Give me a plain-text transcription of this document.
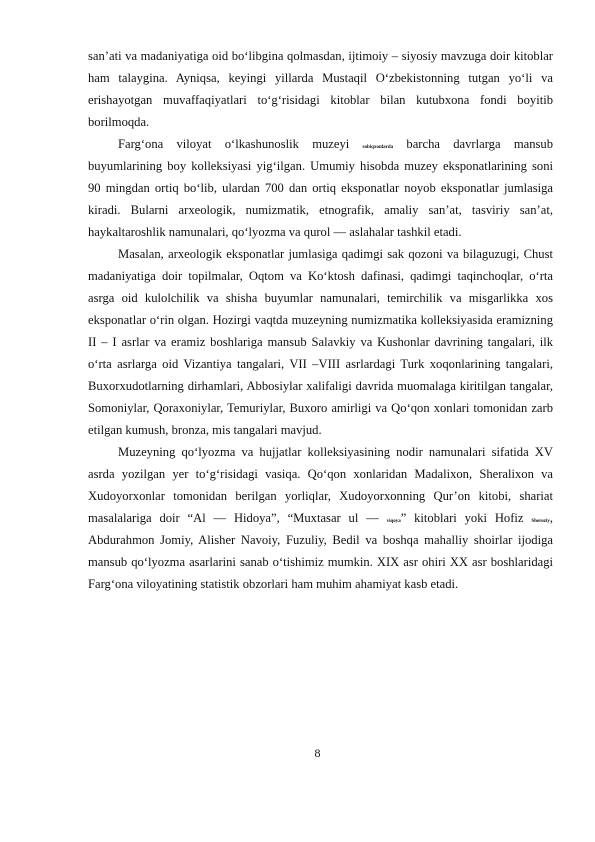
san’ati va madaniyatiga oid bo‘libgina qolmasdan, ijtimoiy – siyosiy mavzuga doir kitoblar ham talaygina. Ayniqsa, keyingi yillarda Mustaqil O‘zbekistonning tutgan yo‘li va erishayotgan muvaffaqiyatlari to‘g‘risidagi kitoblar bilan kutubxona fondi boyitib borilmoqda.

Farg‘ona viloyat o‘lkashunoslik muzeyi sobiqxonlarda barcha davrlarga mansub buyumlarining boy kolleksiyasi yig‘ilgan. Umumiy hisobda muzey eksponatlarining soni 90 mingdan ortiq bo‘lib, ulardan 700 dan ortiq eksponatlar noyob eksponatlar jumlasiga kiradi. Bularni arxeologik, numizmatik, etnografik, amaliy san’at, tasviriy san’at, haykaltaroshlik namunalari, qo‘lyozma va qurol — aslahalar tashkil etadi.

Masalan, arxeologik eksponatlar jumlasiga qadimgi sak qozoni va bilaguzugi, Chust madaniyatiga doir topilmalar, Oqtom va Ko‘ktosh dafinasi, qadimgi taqinchoqlar, o‘rta asrga oid kulolchilik va shisha buyumlar namunalari, temirchilik va misgarlikka xos eksponatlar o‘rin olgan. Hozirgi vaqtda muzeyning numizmatika kolleksiyasida eramizning II – I asrlar va eramiz boshlariga mansub Salavkiy va Kushonlar davrining tangalari, ilk o‘rta asrlarga oid Vizantiya tangalari, VII –VIII asrlardagi Turk xoqonlarining tangalari, Buxorxudotlarning dirhamlari, Abbosiylar xalifaligi davrida muomalaga kiritilgan tangalar, Somoniylar, Qoraxoniylar, Temuriylar, Buxoro amirligi va Qo‘qon xonlari tomonidan zarb etilgan kumush, bronza, mis tangalari mavjud.

Muzeyning qo‘lyozma va hujjatlar kolleksiyasining nodir namunalari sifatida XV asrda yozilgan yer to‘g‘risidagi vasiqa. Qo‘qon xonlaridan Madalixon, Sheralixon va Xudoyorxonlar tomonidan berilgan yorliqlar, Xudoyorxonning Qur’on kitobi, shariat masalalariga doir “Al — Hidoya”, “Muxtasar ul — viqoya” kitoblari yoki Hofiz Sheroziy, Abdurahmon Jomiy, Alisher Navoiy, Fuzuliy, Bedil va boshqa mahalliy shoirlar ijodiga mansub qo‘lyozma asarlarini sanab o‘tishimiz mumkin. XIX asr ohiri XX asr boshlaridagi Farg‘ona viloyatining statistik obzorlari ham muhim ahamiyat kasb etadi.

8
